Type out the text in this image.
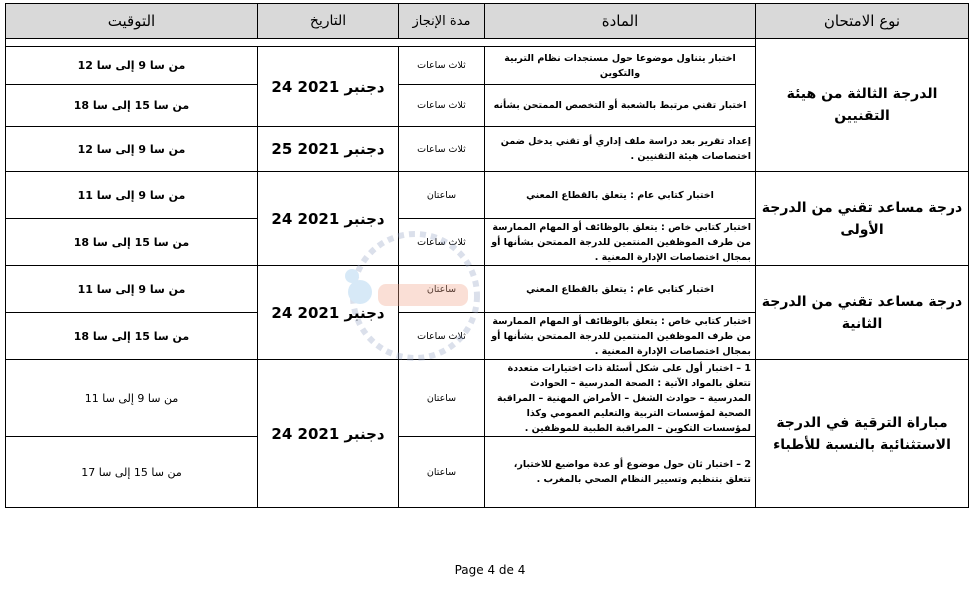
التوقيت	التاريخ	مدة الإنجاز	المادة	نوع الامتحان
				الدرجة الثالثة من هيئة التقنيين
من سا 9 إلى سا 12	24 دجنبر 2021	ثلاث ساعات	اختبار يتناول موضوعا حول مستجدات نظام التربية والتكوين	
من سا 15 إلى سا 18		ثلاث ساعات	اختبار تقني مرتبط بالشعبة أو التخصص الممتحن بشأنه	
من سا 9 إلى سا 12	25 دجنبر 2021	ثلاث ساعات	إعداد تقرير بعد دراسة ملف إداري أو تقني يدخل ضمن اختصاصات هيئة التقنيين .	
من سا 9 إلى سا 11	24 دجنبر 2021	ساعتان	اختبار كتابي عام : يتعلق بالقطاع المعني	درجة مساعد تقني من الدرجة الأولى
من سا 15 إلى سا 18		ثلاث ساعات	اختبار كتابي خاص : يتعلق بالوظائف أو المهام الممارسة من طرف الموظفين المنتمين للدرجة الممتحن بشأنها أو بمجال اختصاصات الإدارة المعنية .	
من سا 9 إلى سا 11	24 دجنبر 2021	ساعتان	اختبار كتابي عام : يتعلق بالقطاع المعني	درجة مساعد تقني من الدرجة الثانية
من سا 15 إلى سا 18		ثلاث ساعات	اختبار كتابي خاص : يتعلق بالوظائف أو المهام الممارسة من طرف الموظفين المنتمين للدرجة الممتحن بشأنها أو بمجال اختصاصات الإدارة المعنية .	
من سا 9 إلى سا 11	24 دجنبر 2021	ساعتان	1 – اختبار أول على شكل أسئلة ذات اختيارات متعددة تتعلق بالمواد الآتية : الصحة المدرسية – الحوادث المدرسية – حوادث الشغل – الأمراض المهنية – المراقبة الصحية لمؤسسات التربية والتعليم العمومي وكذا لمؤسسات التكوين – المراقبة الطبية للموظفين .	مباراة الترقية في الدرجة الاستثنائية بالنسبة للأطباء
من سا 15 إلى سا 17		ساعتان	2 – اختبار ثان حول موضوع أو عدة مواضيع للاختبار، تتعلق بتنظيم وتسيير النظام الصحي بالمغرب .	
Page 4 de 4
